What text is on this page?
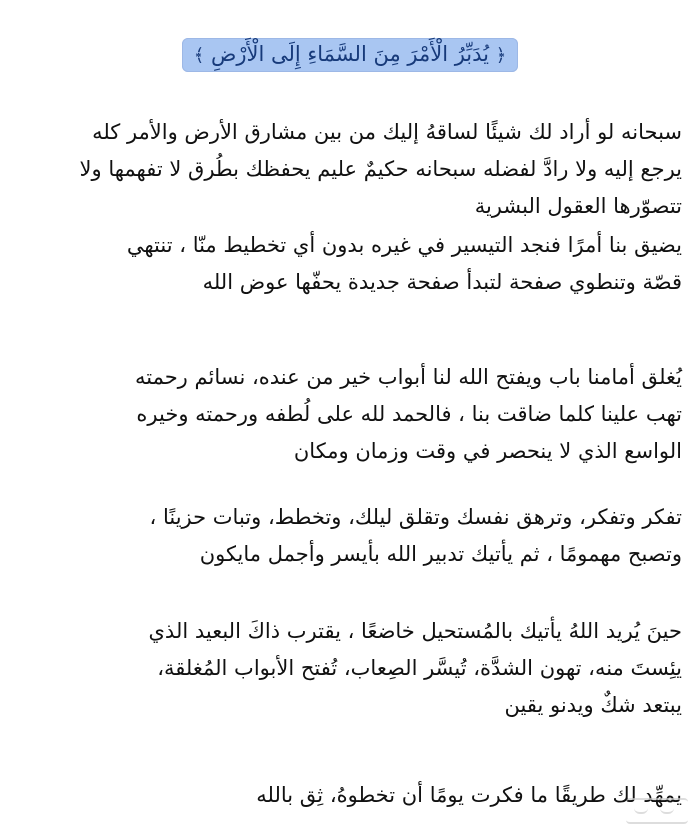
﴿ يُدَبِّرُ الْأَمْرَ مِنَ السَّمَاءِ إِلَى الْأَرْضِ ﴾
سبحانه لو أراد لك شيئًا لساقهُ إليك من بين مشارق الأرض والأمر كله
يرجع إليه ولا رادَّ لفضله سبحانه حكيمٌ عليم يحفظك بطُرق لا تفهمها ولا
تتصوّرها العقول البشرية
يضيق بنا أمرًا فنجد التيسير في غيره بدون أي تخطيط منّا ، تنتهي
قصّة وتنطوي صفحة لتبدأ صفحة جديدة يحفّها عوض الله
يُغلق أمامنا باب ويفتح الله لنا أبواب خير من عنده، نسائم رحمته
تهب علينا كلما ضاقت بنا ، فالحمد لله على لُطفه ورحمته وخيره
الواسع الذي لا ينحصر في وقت وزمان ومكان
تفكر وتفكر، وترهق نفسك وتقلق ليلك، وتخطط، وتبات حزينًا ،
وتصبح مهمومًا ، ثم يأتيك تدبير الله بأيسر وأجمل مايكون
حينَ يُريد اللهُ يأتيك بالمُستحيل خاضعًا ، يقترب ذاكَ البعيد الذي
يئِستَ منه، تهون الشدَّة، تُيسَّر الصِعاب، تُفتح الأبواب المُغلقة،
يبتعد شكٌ ويدنو يقين
يمهِّد لك طريقًا ما فكرت يومًا أن تخطوهُ، ثِق بالله
